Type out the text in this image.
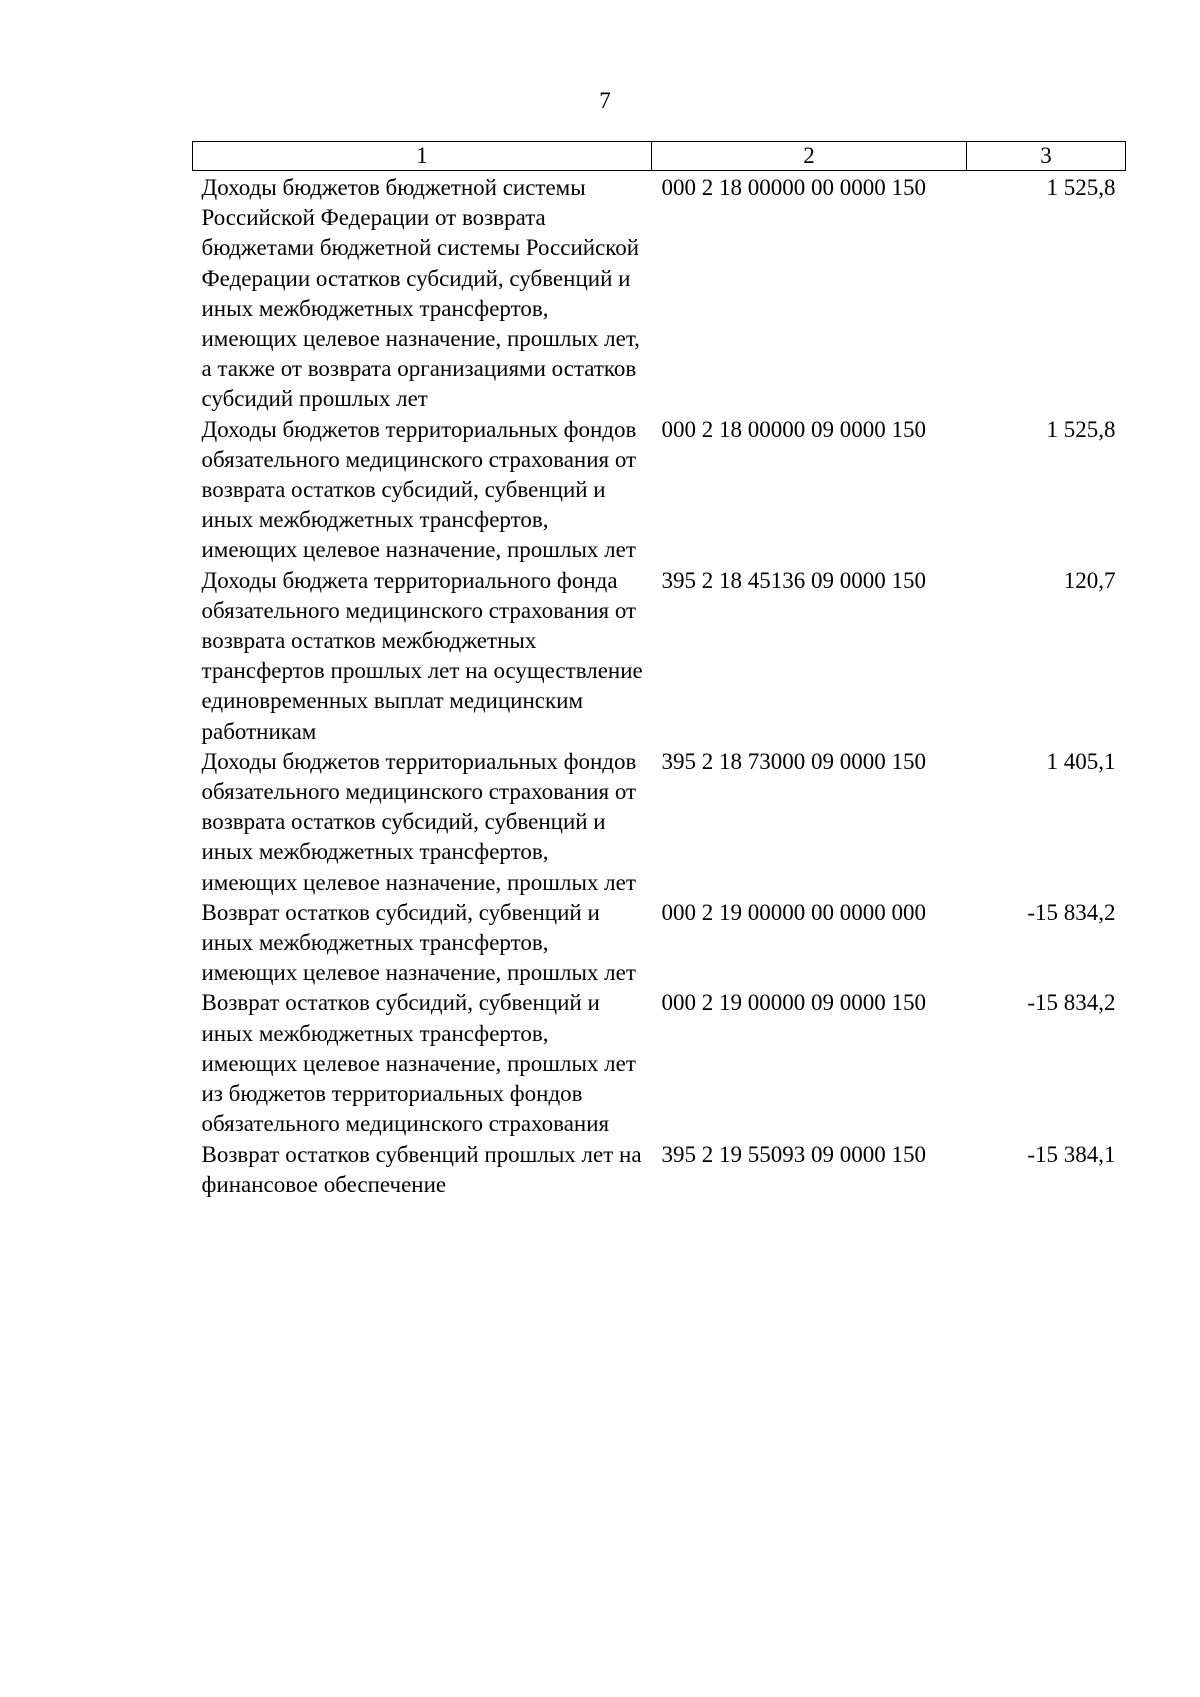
7
1	2	3
Доходы бюджетов бюджетной системы Российской Федерации от возврата бюджетами бюджетной системы Российской Федерации остатков субсидий, субвенций и иных межбюджетных трансфертов, имеющих целевое назначение, прошлых лет, а также от возврата организациями остатков субсидий прошлых лет	000 2 18 00000 00 0000 150	1 525,8
Доходы бюджетов территориальных фондов обязательного медицинского страхования от возврата остатков субсидий, субвенций и иных межбюджетных трансфертов, имеющих целевое назначение, прошлых лет	000 2 18 00000 09 0000 150	1 525,8
Доходы бюджета территориального фонда обязательного медицинского страхования от возврата остатков межбюджетных трансфертов прошлых лет на осуществление единовременных выплат медицинским работникам	395 2 18 45136 09 0000 150	120,7
Доходы бюджетов территориальных фондов обязательного медицинского страхования от возврата остатков субсидий, субвенций и иных межбюджетных трансфертов, имеющих целевое назначение, прошлых лет	395 2 18 73000 09 0000 150	1 405,1
Возврат остатков субсидий, субвенций и иных межбюджетных трансфертов, имеющих целевое назначение, прошлых лет	000 2 19 00000 00 0000 000	-15 834,2
Возврат остатков субсидий, субвенций и иных межбюджетных трансфертов, имеющих целевое назначение, прошлых лет из бюджетов территориальных фондов обязательного медицинского страхования	000 2 19 00000 09 0000 150	-15 834,2
Возврат остатков субвенций прошлых лет на финансовое обеспечение	395 2 19 55093 09 0000 150	-15 384,1
